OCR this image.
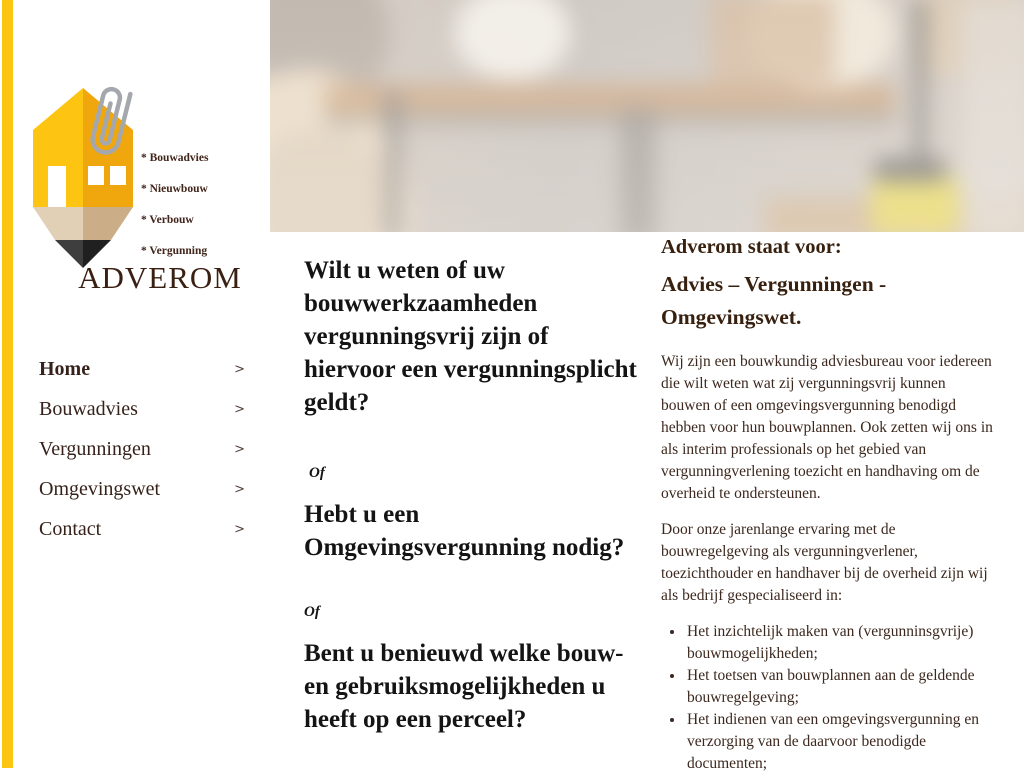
* Bouwadvies

* Nieuwbouw

* Verbouw

* Vergunning
ADVEROM
Home	>
Bouwadvies	>
Vergunningen	>
Omgevingswet	>
Contact	>
Wilt u weten of uw bouwwerkzaamheden vergunningsvrij zijn of hiervoor een vergunningsplicht geldt?

Of

Hebt u een Omgevingsvergunning nodig?

Of

Bent u benieuwd welke bouw- en gebruiksmogelijkheden u heeft op een perceel?
Adverom staat voor:
Advies – Vergunningen - Omgevingswet.

Wij zijn een bouwkundig adviesbureau voor iedereen die wilt weten wat zij vergunningsvrij kunnen bouwen of een omgevingsvergunning benodigd hebben voor hun bouwplannen. Ook zetten wij ons in als interim professionals op het gebied van vergunningverlening toezicht en handhaving om de overheid te ondersteunen.

Door onze jarenlange ervaring met de bouwregelgeving als vergunningverlener, toezichthouder en handhaver bij de overheid zijn wij als bedrijf gespecialiseerd in:

• Het inzichtelijk maken van (vergunninsgvrije) bouwmogelijkheden;
• Het toetsen van bouwplannen aan de geldende bouwregelgeving;
• Het indienen van een omgevingsvergunning en verzorging van de daarvoor benodigde documenten;
